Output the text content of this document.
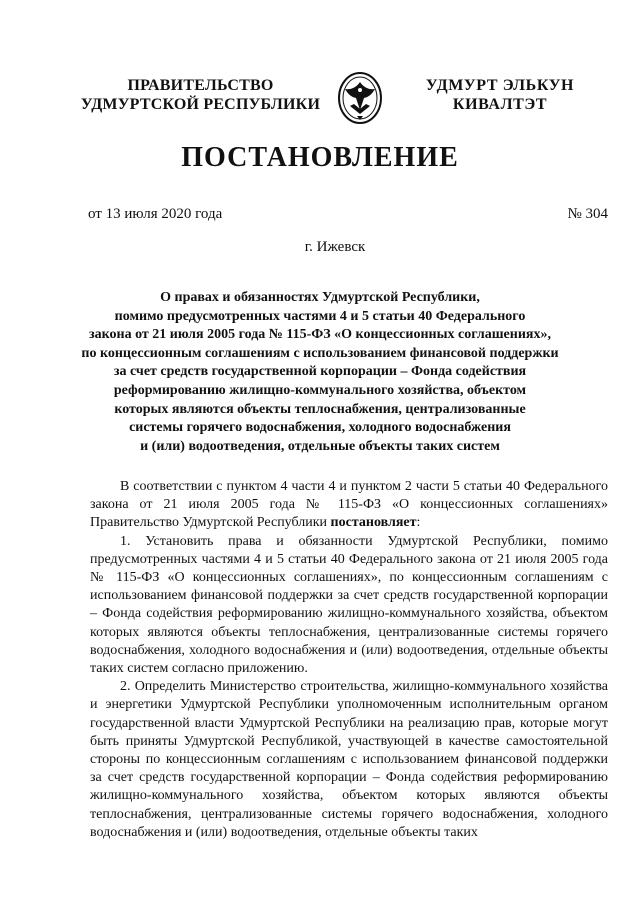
ПРАВИТЕЛЬСТВО
УДМУРТСКОЙ РЕСПУБЛИКИ
УДМУРТ ЭЛЬКУН
КИВАЛТЭТ
ПОСТАНОВЛЕНИЕ
от 13 июля 2020 года	№ 304
г. Ижевск
О правах и обязанностях Удмуртской Республики,
помимо предусмотренных частями 4 и 5 статьи 40 Федерального
закона от 21 июля 2005 года № 115-ФЗ «О концессионных соглашениях»,
по концессионным соглашениям с использованием финансовой поддержки
за счет средств государственной корпорации – Фонда содействия
реформированию жилищно-коммунального хозяйства, объектом
которых являются объекты теплоснабжения, централизованные
системы горячего водоснабжения, холодного водоснабжения
и (или) водоотведения, отдельные объекты таких систем

В соответствии с пунктом 4 части 4 и пунктом 2 части 5 статьи 40 Федерального закона от 21 июля 2005 года № 115-ФЗ «О концессионных соглашениях» Правительство Удмуртской Республики постановляет:

1. Установить права и обязанности Удмуртской Республики, помимо предусмотренных частями 4 и 5 статьи 40 Федерального закона от 21 июля 2005 года № 115-ФЗ «О концессионных соглашениях», по концессионным соглашениям с использованием финансовой поддержки за счет средств государственной корпорации – Фонда содействия реформированию жилищно-коммунального хозяйства, объектом которых являются объекты теплоснабжения, централизованные системы горячего водоснабжения, холодного водоснабжения и (или) водоотведения, отдельные объекты таких систем согласно приложению.

2. Определить Министерство строительства, жилищно-коммунального хозяйства и энергетики Удмуртской Республики уполномоченным исполнительным органом государственной власти Удмуртской Республики на реализацию прав, которые могут быть приняты Удмуртской Республикой, участвующей в качестве самостоятельной стороны по концессионным соглашениям с использованием финансовой поддержки за счет средств государственной корпорации – Фонда содействия реформированию жилищно-коммунального хозяйства, объектом которых являются объекты теплоснабжения, централизованные системы горячего водоснабжения, холодного водоснабжения и (или) водоотведения, отдельные объекты таких
